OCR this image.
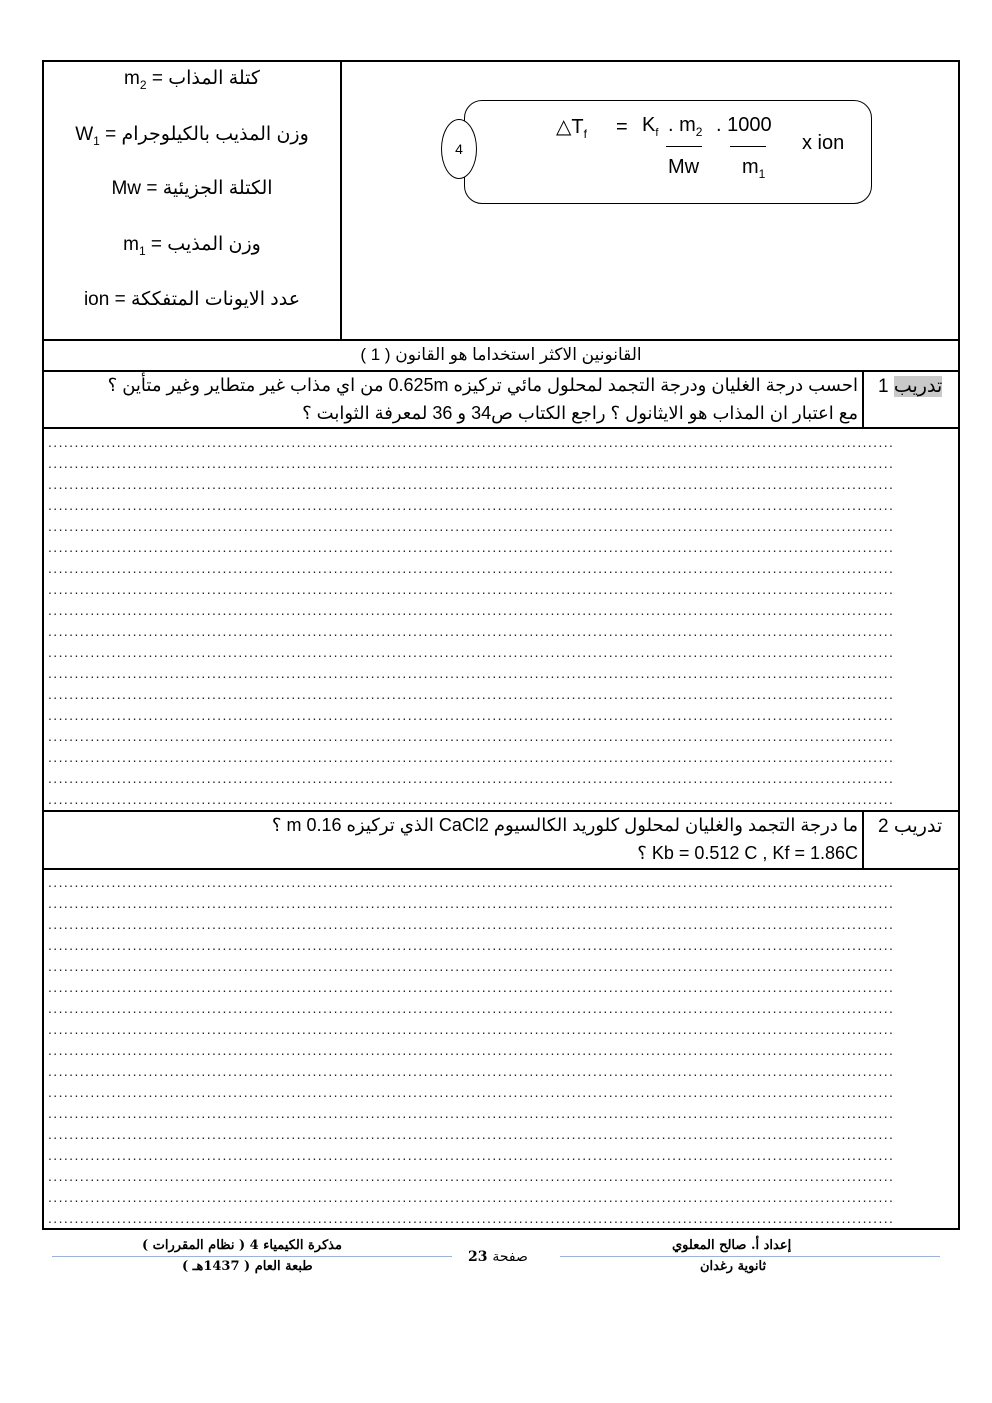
كتلة المذاب = $m_2$
وزن المذيب بالكيلوجرام = $W_1$
الكتلة الجزيئية = Mw
وزن المذيب = $m_1$
عدد الايونات المتفككة = ion
4
$\triangle T_f = K_f$ . $m_2$ . 1000
Mw $m_1$
x ion
القانونين الاكثر استخداما هو القانون ( 1 )
تدريب 1
احسب درجة الغليان ودرجة التجمد لمحلول مائي تركيزه 0.625m من اي مذاب غير متطاير وغير متأين ؟
مع اعتبار ان المذاب هو الايثانول ؟ راجع الكتاب ص34 و 36 لمعرفة الثوابت ؟
................................................................................................................................................................
................................................................................................................................................................
................................................................................................................................................................
................................................................................................................................................................
................................................................................................................................................................
................................................................................................................................................................
................................................................................................................................................................
................................................................................................................................................................
................................................................................................................................................................
................................................................................................................................................................
................................................................................................................................................................
................................................................................................................................................................
................................................................................................................................................................
................................................................................................................................................................
................................................................................................................................................................
................................................................................................................................................................
................................................................................................................................................................
................................................................................................................................................................
تدريب 2
ما درجة التجمد والغليان لمحلول كلوريد الكالسيوم CaCl2 الذي تركيزه 0.16 m ؟
Kb = 0.512 C , Kf = 1.86C ؟
................................................................................................................................................................
................................................................................................................................................................
................................................................................................................................................................
................................................................................................................................................................
................................................................................................................................................................
................................................................................................................................................................
................................................................................................................................................................
................................................................................................................................................................
................................................................................................................................................................
................................................................................................................................................................
................................................................................................................................................................
................................................................................................................................................................
................................................................................................................................................................
................................................................................................................................................................
................................................................................................................................................................
................................................................................................................................................................
................................................................................................................................................................
إعداد أ. صالح المعلوي
ثانوية رغدان
صفحة 23
مذكرة الكيمياء 4 ( نظام المقررات )
طبعة العام ( 1437هـ )
